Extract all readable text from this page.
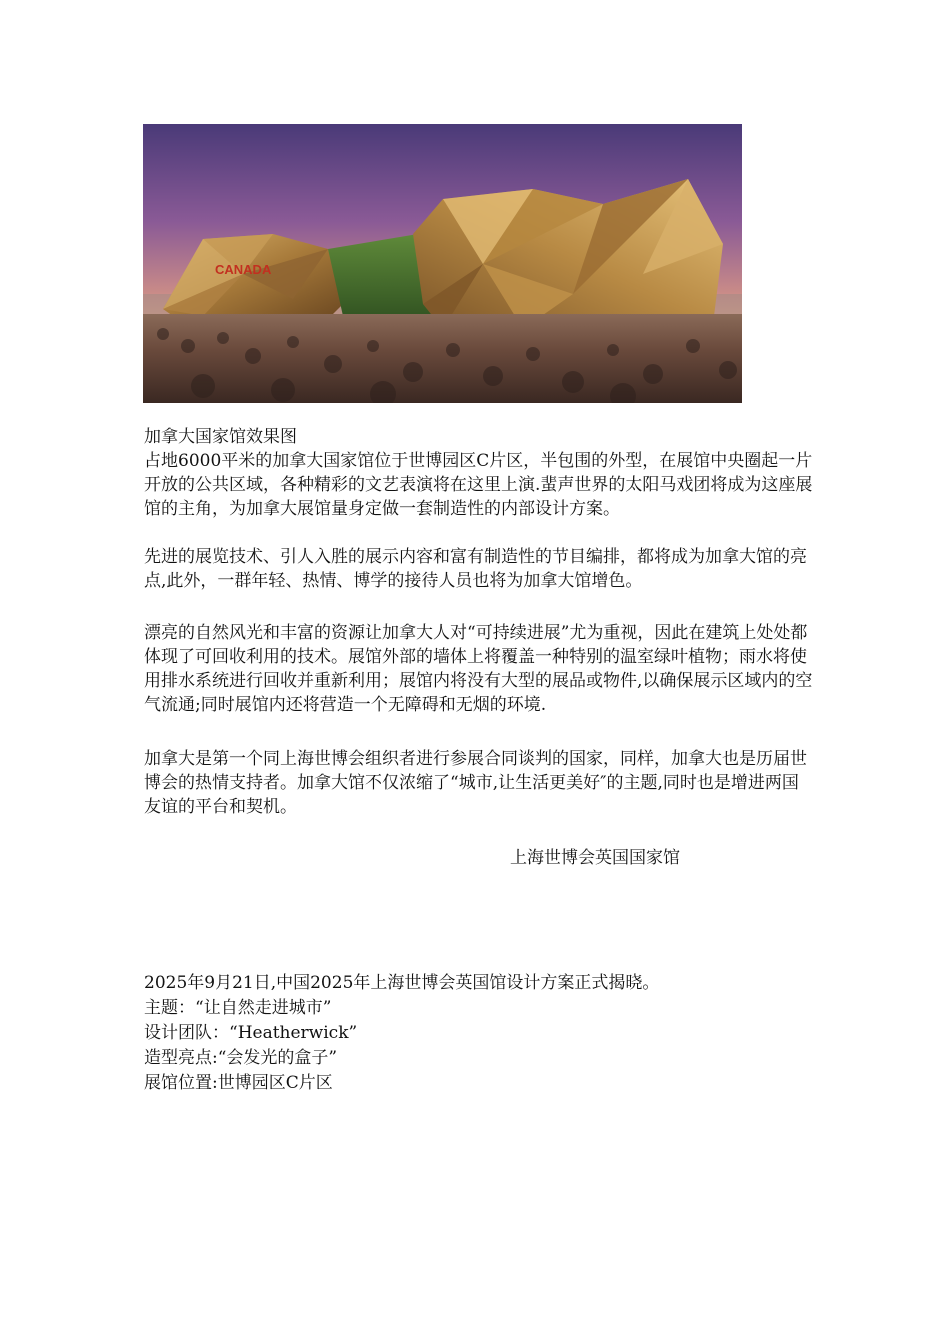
CANADA

加拿大国家馆效果图

占地6000平米的加拿大国家馆位于世博园区C片区，半包围的外型，在展馆中央圈起一片开放的公共区域，各种精彩的文艺表演将在这里上演.蜚声世界的太阳马戏团将成为这座展馆的主角，为加拿大展馆量身定做一套制造性的内部设计方案。

先进的展览技术、引人入胜的展示内容和富有制造性的节目编排，都将成为加拿大馆的亮点,此外，一群年轻、热情、博学的接待人员也将为加拿大馆增色。

漂亮的自然风光和丰富的资源让加拿大人对“可持续进展”尤为重视，因此在建筑上处处都体现了可回收利用的技术。展馆外部的墙体上将覆盖一种特别的温室绿叶植物；雨水将使用排水系统进行回收并重新利用；展馆内将没有大型的展品或物件,以确保展示区域内的空气流通;同时展馆内还将营造一个无障碍和无烟的环境.

加拿大是第一个同上海世博会组织者进行参展合同谈判的国家，同样，加拿大也是历届世博会的热情支持者。加拿大馆不仅浓缩了“城市,让生活更美好″的主题,同时也是增进两国友谊的平台和契机。

上海世博会英国国家馆

2025年9月21日,中国2025年上海世博会英国馆设计方案正式揭晓。
主题：“让自然走进城市”
设计团队：“Heatherwick”
造型亮点:“会发光的盒子”
展馆位置:世博园区C片区
